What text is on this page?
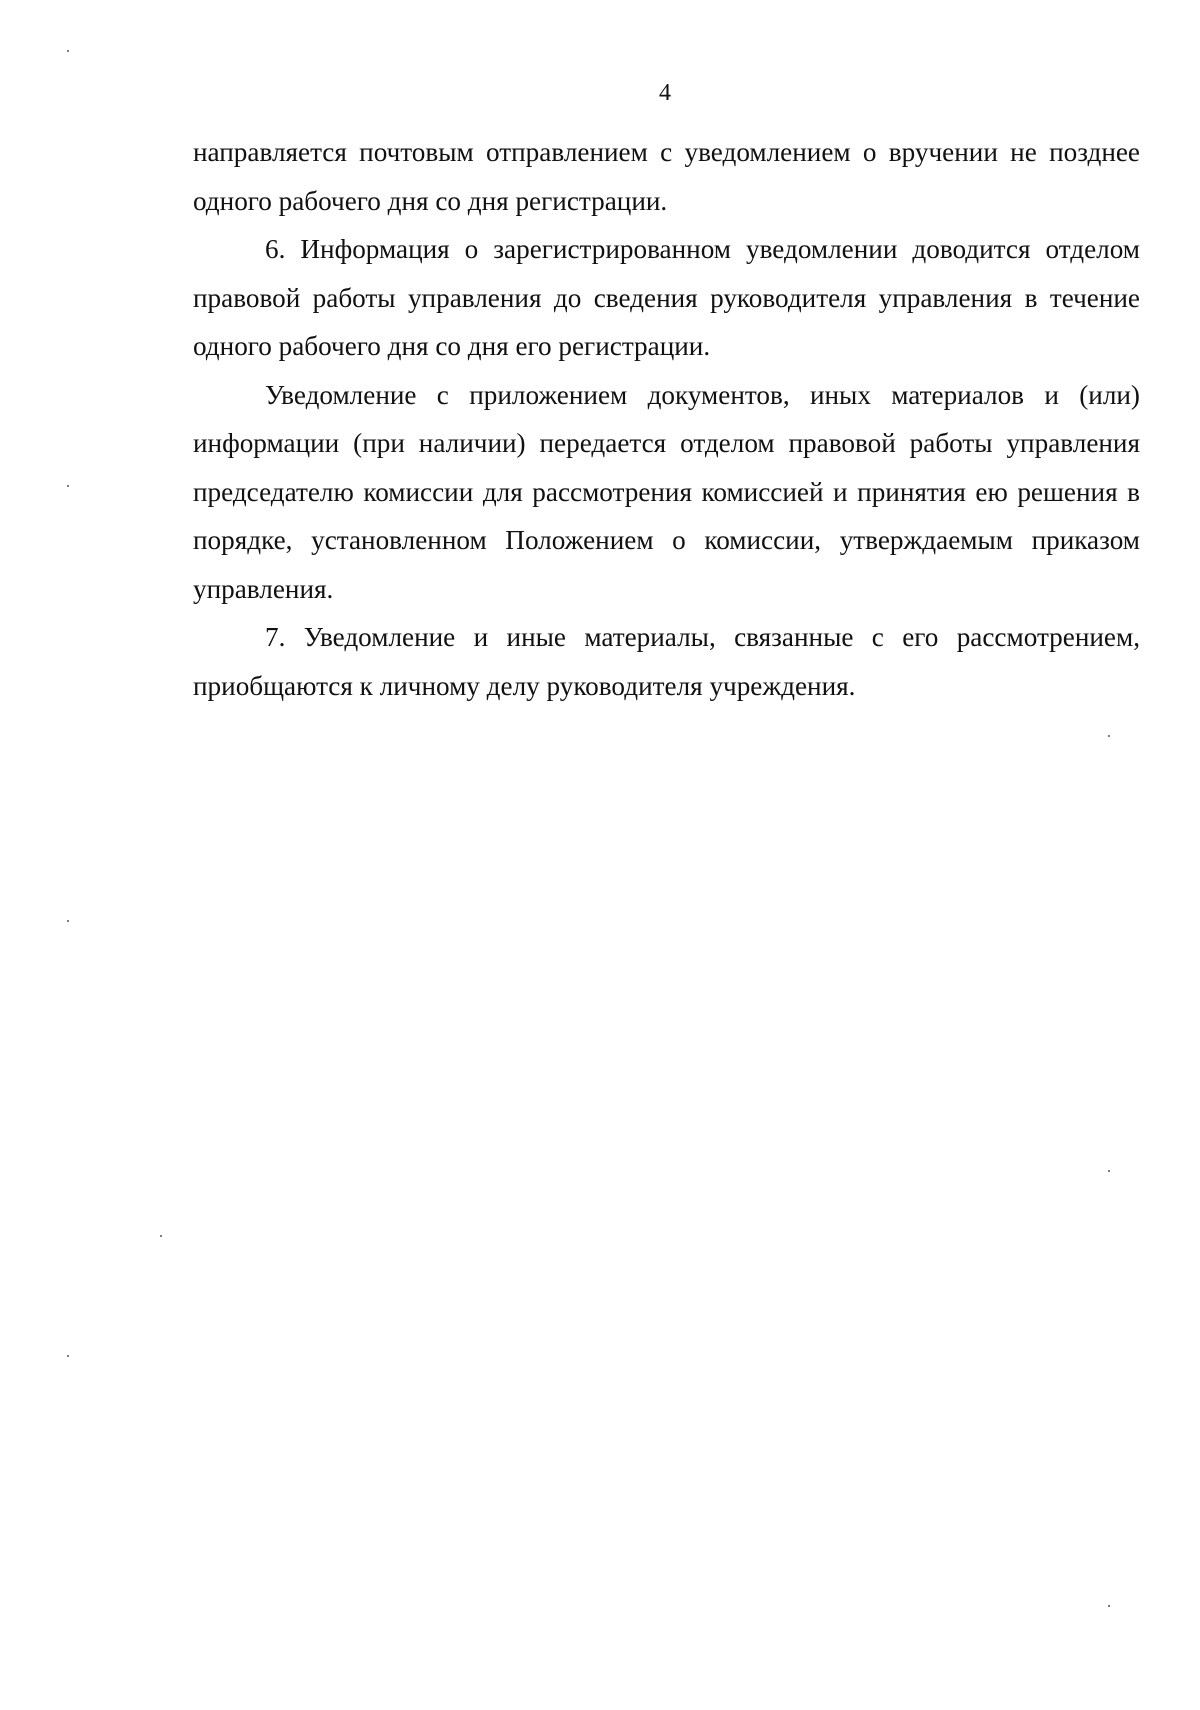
4

направляется почтовым отправлением с уведомлением о вручении не позднее одного рабочего дня со дня регистрации.

6. Информация о зарегистрированном уведомлении доводится отделом правовой работы управления до сведения руководителя управления в течение одного рабочего дня со дня его регистрации.

Уведомление с приложением документов, иных материалов и (или) информации (при наличии) передается отделом правовой работы управления председателю комиссии для рассмотрения комиссией и принятия ею решения в порядке, установленном Положением о комиссии, утверждаемым приказом управления.

7. Уведомление и иные материалы, связанные с его рассмотрением, приобщаются к личному делу руководителя учреждения.
